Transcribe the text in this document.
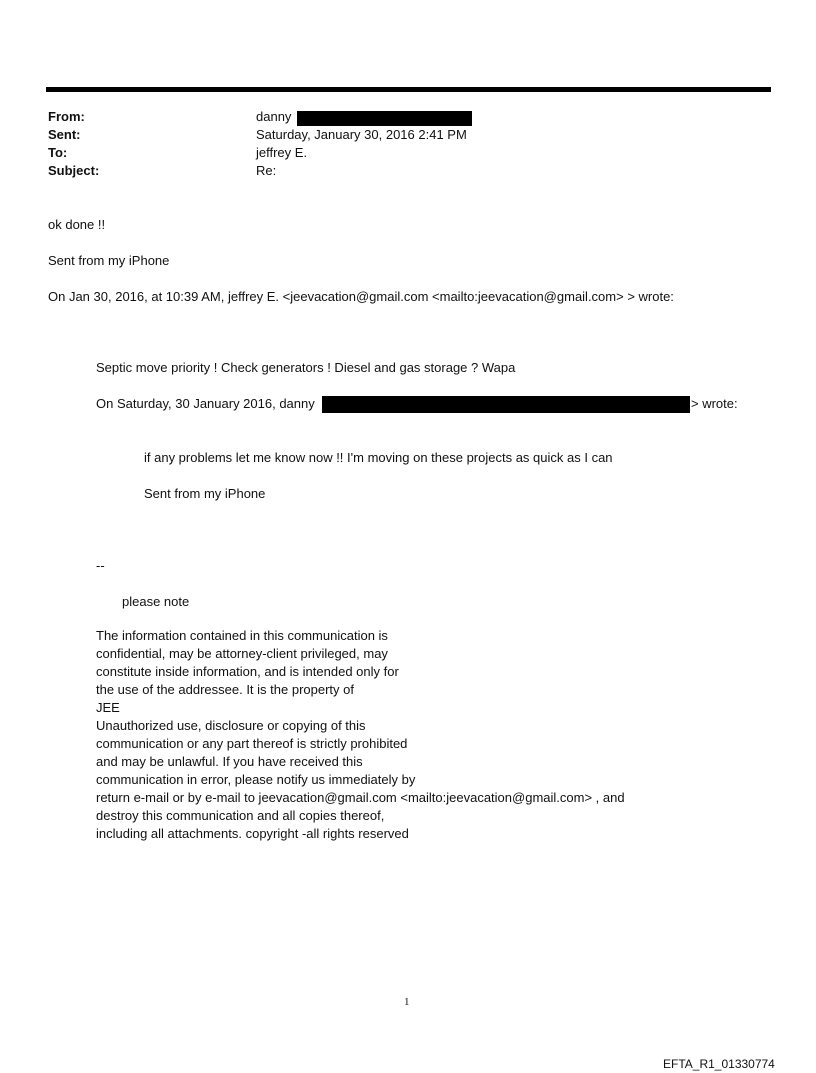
From:	danny
Sent:	Saturday, January 30, 2016 2:41 PM
To:	jeffrey E.
Subject:	Re:
ok done !!
Sent from my iPhone
On Jan 30, 2016, at 10:39 AM, jeffrey E. <jeevacation@gmail.com <mailto:jeevacation@gmail.com> > wrote:
Septic move priority ! Check generators ! Diesel and gas storage ? Wapa
On Saturday, 30 January 2016, danny	> wrote:
if any problems let me know now !! I'm moving on these projects as quick as I can
Sent from my iPhone
--
please note
The information contained in this communication is
confidential, may be attorney-client privileged, may
constitute inside information, and is intended only for
the use of the addressee. It is the property of
JEE
Unauthorized use, disclosure or copying of this
communication or any part thereof is strictly prohibited
and may be unlawful. If you have received this
communication in error, please notify us immediately by
return e-mail or by e-mail to jeevacation@gmail.com <mailto:jeevacation@gmail.com> , and
destroy this communication and all copies thereof,
including all attachments. copyright -all rights reserved
1
EFTA_R1_01330774
